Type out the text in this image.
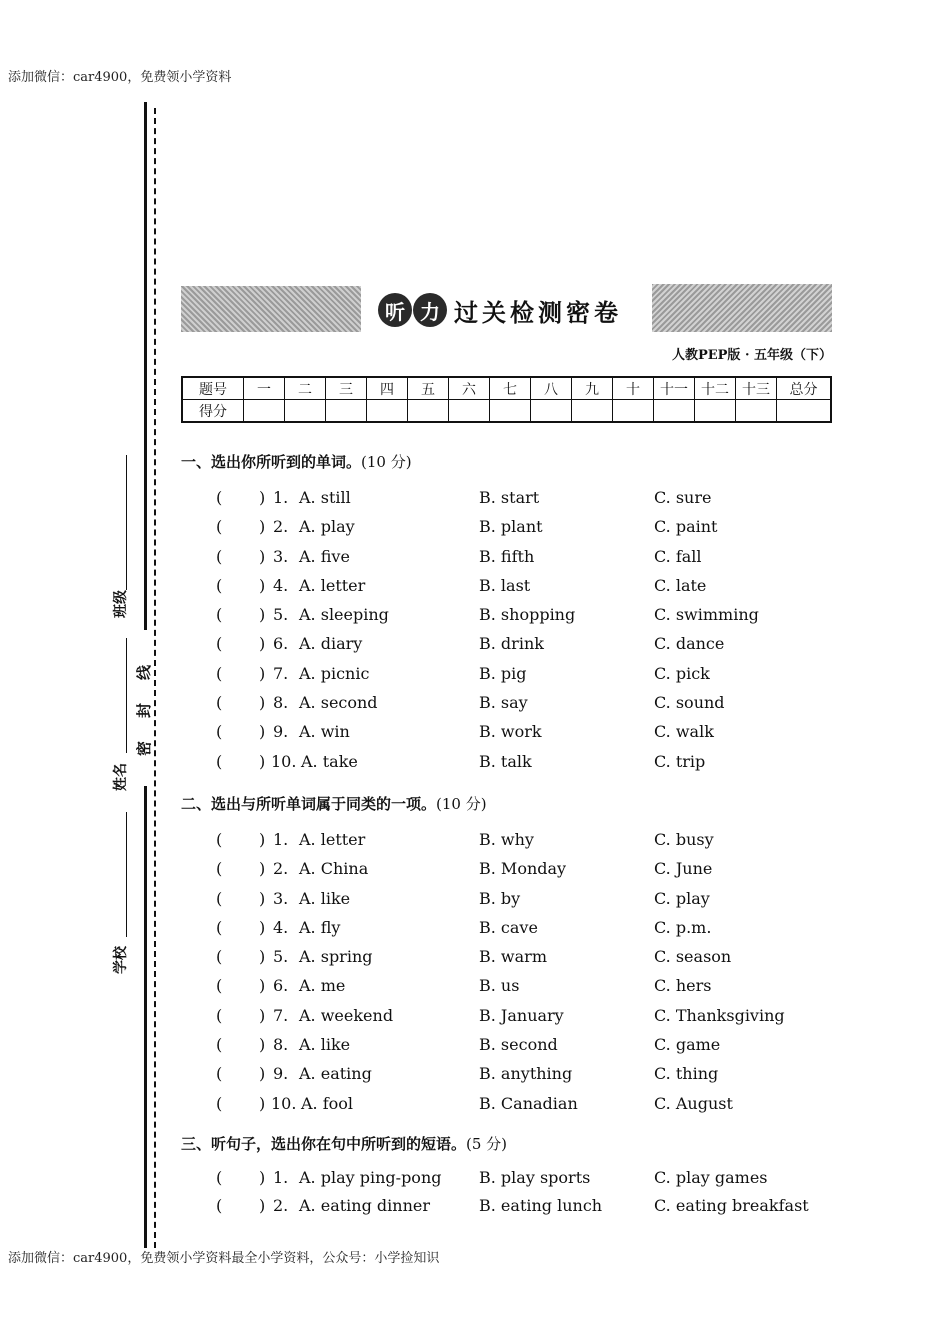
添加微信：car4900，免费领小学资料
添加微信：car4900，免费领小学资料最全小学资料，公众号：小学捡知识
班级
姓名
学校
密
封
线
听 力 过关检测密卷
人教PEP版 · 五年级（下）
题号	一	二	三	四	五	六	七	八	九	十	十一	十二	十三	总分
得分														
一、选出你所听到的单词。(10 分)
( ) 1. A. still	B. start	C. sure
( ) 2. A. play	B. plant	C. paint
( ) 3. A. five	B. fifth	C. fall
( ) 4. A. letter	B. last	C. late
( ) 5. A. sleeping	B. shopping	C. swimming
( ) 6. A. diary	B. drink	C. dance
( ) 7. A. picnic	B. pig	C. pick
( ) 8. A. second	B. say	C. sound
( ) 9. A. win	B. work	C. walk
( ) 10. A. take	B. talk	C. trip
二、选出与所听单词属于同类的一项。(10 分)
( ) 1. A. letter	B. why	C. busy
( ) 2. A. China	B. Monday	C. June
( ) 3. A. like	B. by	C. play
( ) 4. A. fly	B. cave	C. p.m.
( ) 5. A. spring	B. warm	C. season
( ) 6. A. me	B. us	C. hers
( ) 7. A. weekend	B. January	C. Thanksgiving
( ) 8. A. like	B. second	C. game
( ) 9. A. eating	B. anything	C. thing
( ) 10. A. fool	B. Canadian	C. August
三、听句子，选出你在句中所听到的短语。(5 分)
( ) 1. A. play ping-pong B. play sports	C. play games
( ) 2. A. eating dinner	B. eating lunch	C. eating breakfast
